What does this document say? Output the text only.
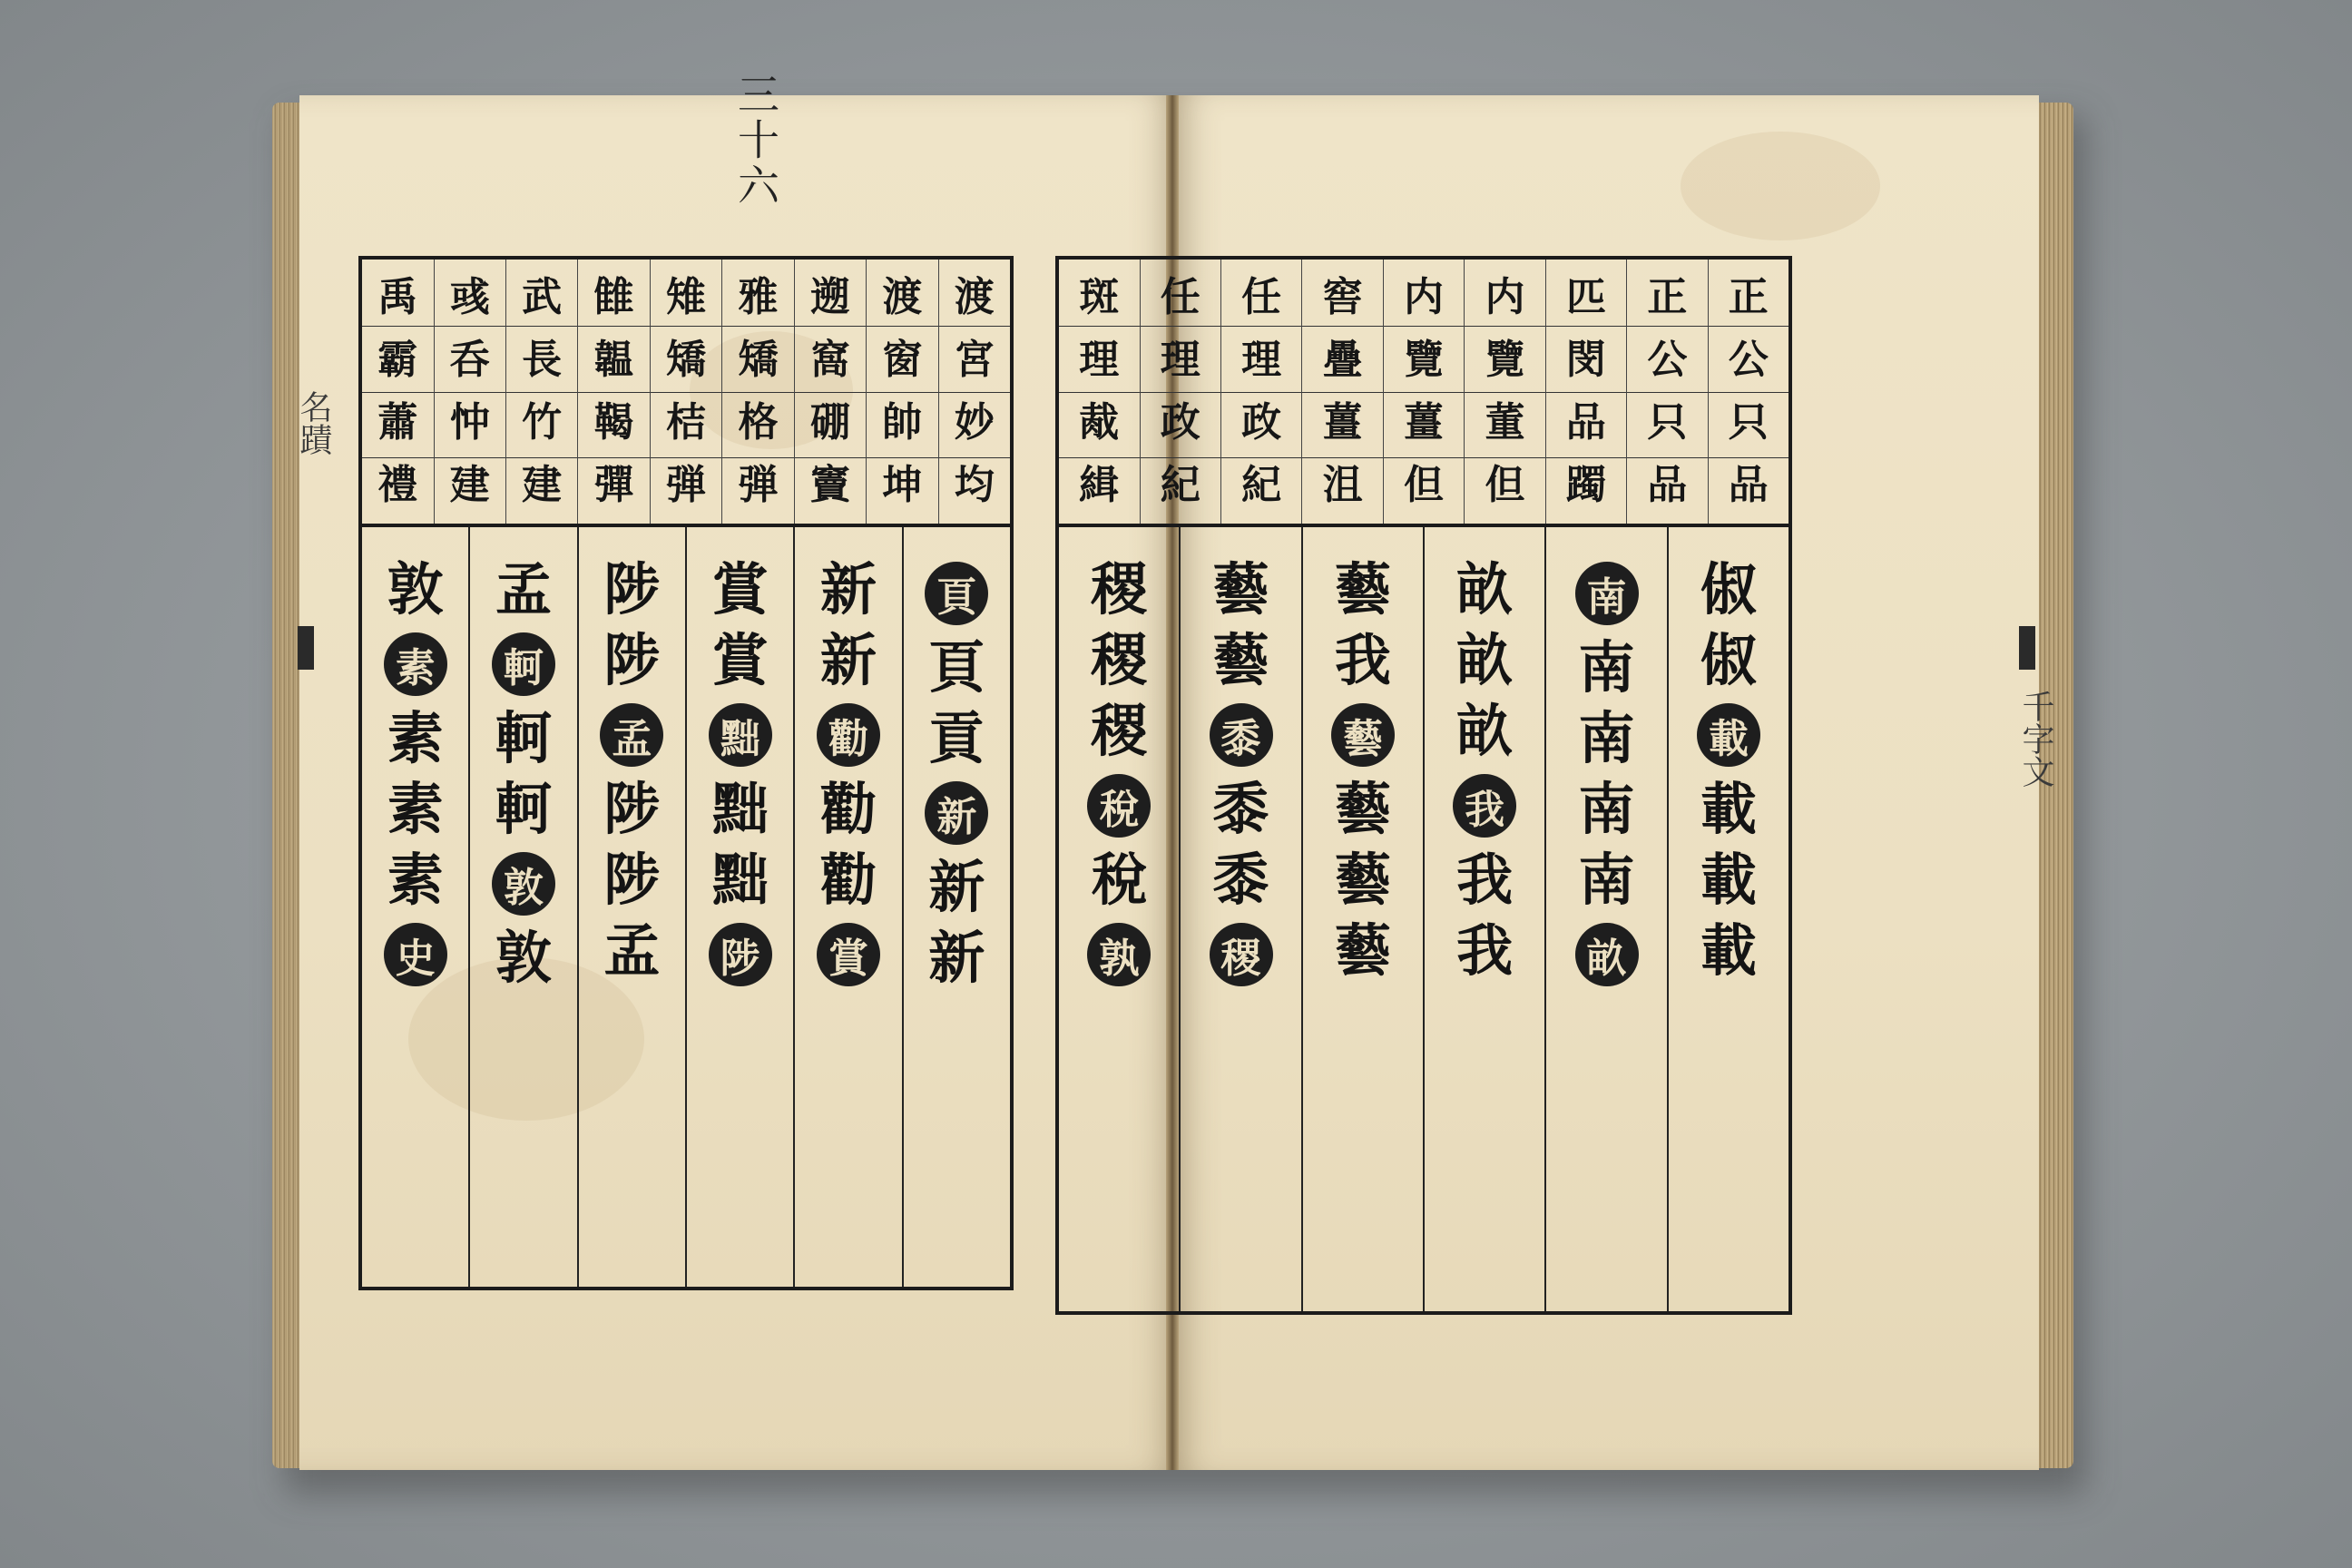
三十六
名蹟
千字文
渡
宮
妙
均
渡
窗
帥
坤
遡
窩
硼
竇
雅
矯
格
弾
雉
矯
桔
弾
雔
韞
鞨
彈
武
長
竹
建
彧
呑
忡
建
禹
霸
蕭
禮
頁
頁
貢
新
新
新
新
新
勸
勸
勸
賞
賞
賞
黜
黜
黜
陟
陟
陟
孟
陟
陟
孟
孟
軻
軻
軻
敦
敦
敦
素
素
素
素
史
正
公
只
品
正
公
只
品
匹
閔
品
躅
内
覽
董
但
内
覽
薑
但
窖
疊
薑
沮
任
理
政
紀
任
理
政
紀
斑
理
胾
緝
俶
俶
載
載
載
載
南
南
南
南
南
畝
畝
畝
畝
我
我
我
藝
我
藝
藝
藝
藝
藝
藝
黍
黍
黍
稷
稷
稷
稷
稅
稅
孰
